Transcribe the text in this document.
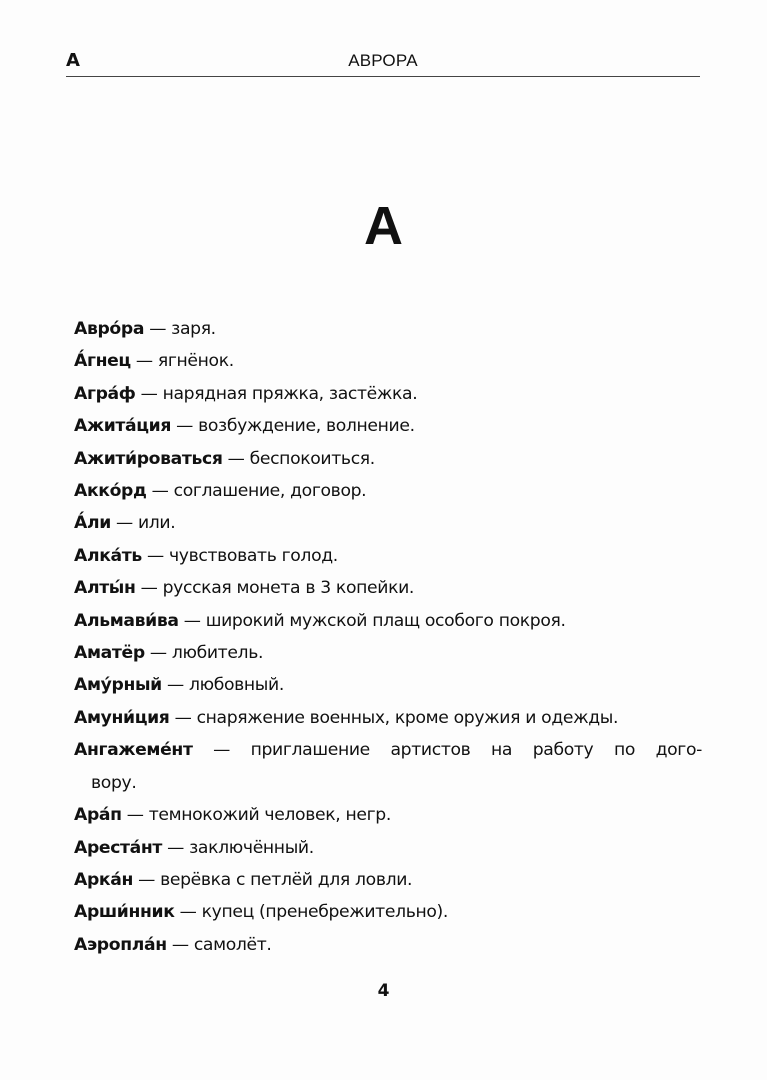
А	АВРОРА
А

Авро́ра — заря.

А́гнец — ягнёнок.

Агра́ф — нарядная пряжка, застёжка.

Ажита́ция — возбуждение, волнение.

Ажити́роваться — беспокоиться.

Акко́рд — соглашение, договор.

А́ли — или.

Алка́ть — чувствовать голод.

Алты́н — русская монета в 3 копейки.

Альмави́ва — широкий мужской плащ особого покроя.

Аматёр — любитель.

Аму́рный — любовный.

Амуни́ция — снаряжение военных, кроме оружия и одежды.

Ангажеме́нт — приглашение артистов на работу по дого-

вору.

Ара́п — темнокожий человек, негр.

Ареста́нт — заключённый.

Арка́н — верёвка с петлёй для ловли.

Арши́нник — купец (пренебрежительно).

Аэропла́н — самолёт.

4
